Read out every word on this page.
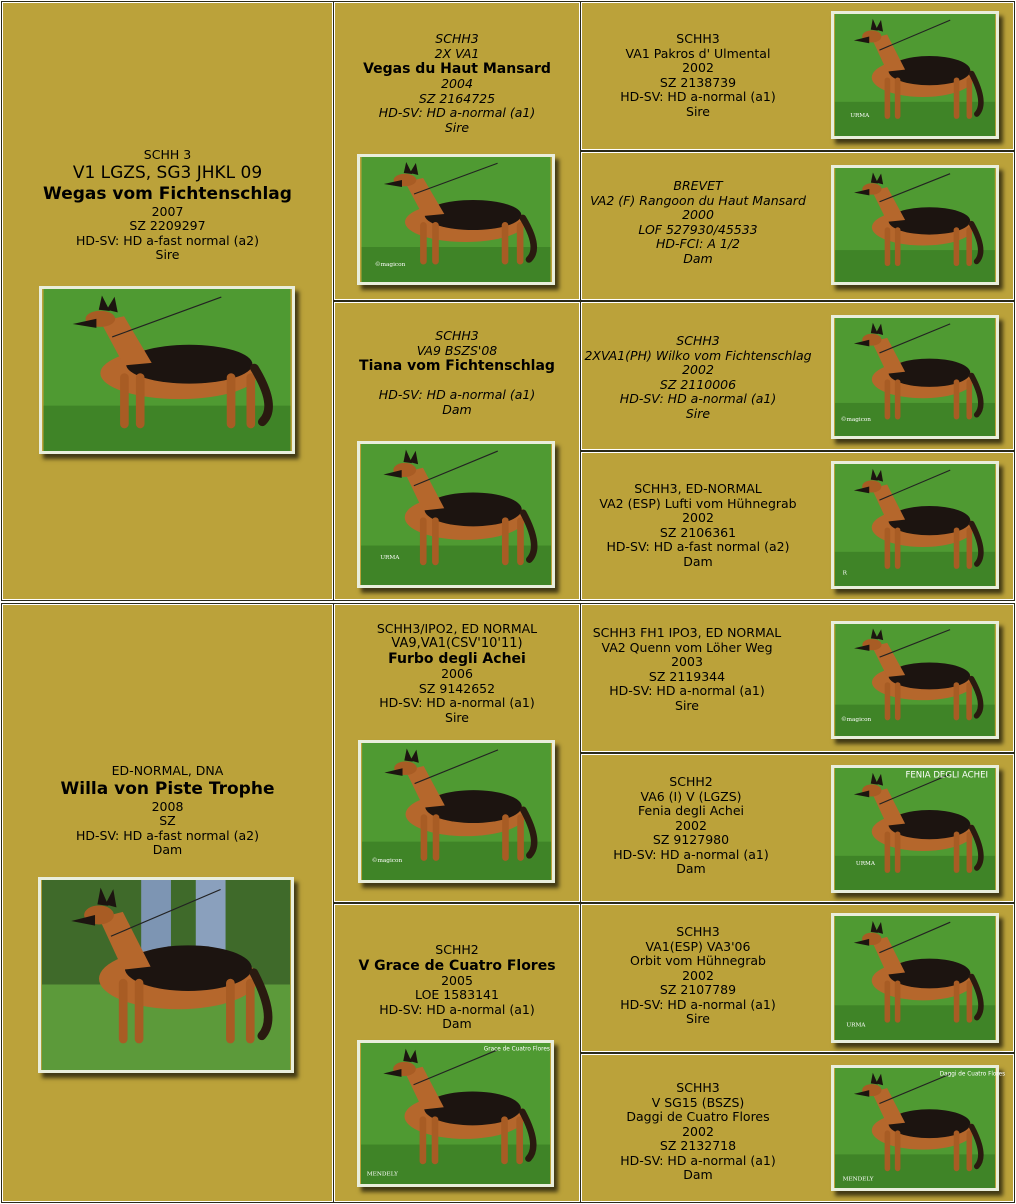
SCHH 3
V1 LGZS, SG3 JHKL 09
Wegas vom Fichtenschlag
2007
SZ 2209297
HD-SV: HD a-fast normal (a2)
Sire
SCHH3
2X VA1
Vegas du Haut Mansard
2004
SZ 2164725
HD-SV: HD a-normal (a1)
Sire
©magicon
SCHH3
VA9 BSZS'08
Tiana vom Fichtenschlag
HD-SV: HD a-normal (a1)
Dam
URMA
SCHH3
VA1 Pakros d' Ulmental
2002
SZ 2138739
HD-SV: HD a-normal (a1)
Sire	URMA
BREVET
VA2 (F) Rangoon du Haut Mansard
2000
LOF 527930/45533
HD-FCI: A 1/2
Dam
SCHH3
2XVA1(PH) Wilko vom Fichtenschlag
2002
SZ 2110006
HD-SV: HD a-normal (a1)
Sire	©magicon
SCHH3, ED-NORMAL
VA2 (ESP) Lufti vom Hühnegrab
2002
SZ 2106361
HD-SV: HD a-fast normal (a2)
Dam
R
ED-NORMAL, DNA
Willa von Piste Trophe
2008
SZ
HD-SV: HD a-fast normal (a2)
Dam
SCHH3/IPO2, ED NORMAL
VA9,VA1(CSV'10'11)
Furbo degli Achei
2006
SZ 9142652
HD-SV: HD a-normal (a1)
Sire
©magicon
SCHH2
V Grace de Cuatro Flores
2005
LOE 1583141
HD-SV: HD a-normal (a1)
Dam
Grace de Cuatro Flores
MENDELY
SCHH3 FH1 IPO3, ED NORMAL
VA2 Quenn vom Löher Weg
2003
SZ 2119344
HD-SV: HD a-normal (a1)
Sire
©magicon
SCHH2
VA6 (I) V (LGZS)
Fenia degli Achei
2002
SZ 9127980
HD-SV: HD a-normal (a1)
Dam
FENIA DEGLI ACHEI
URMA
SCHH3
VA1(ESP) VA3'06
Orbit vom Hühnegrab
2002
SZ 2107789
HD-SV: HD a-normal (a1)
Sire	URMA
SCHH3
V SG15 (BSZS)
Daggi de Cuatro Flores
2002
SZ 2132718
HD-SV: HD a-normal (a1)
Dam
Daggi de Cuatro Flores
MENDELY
